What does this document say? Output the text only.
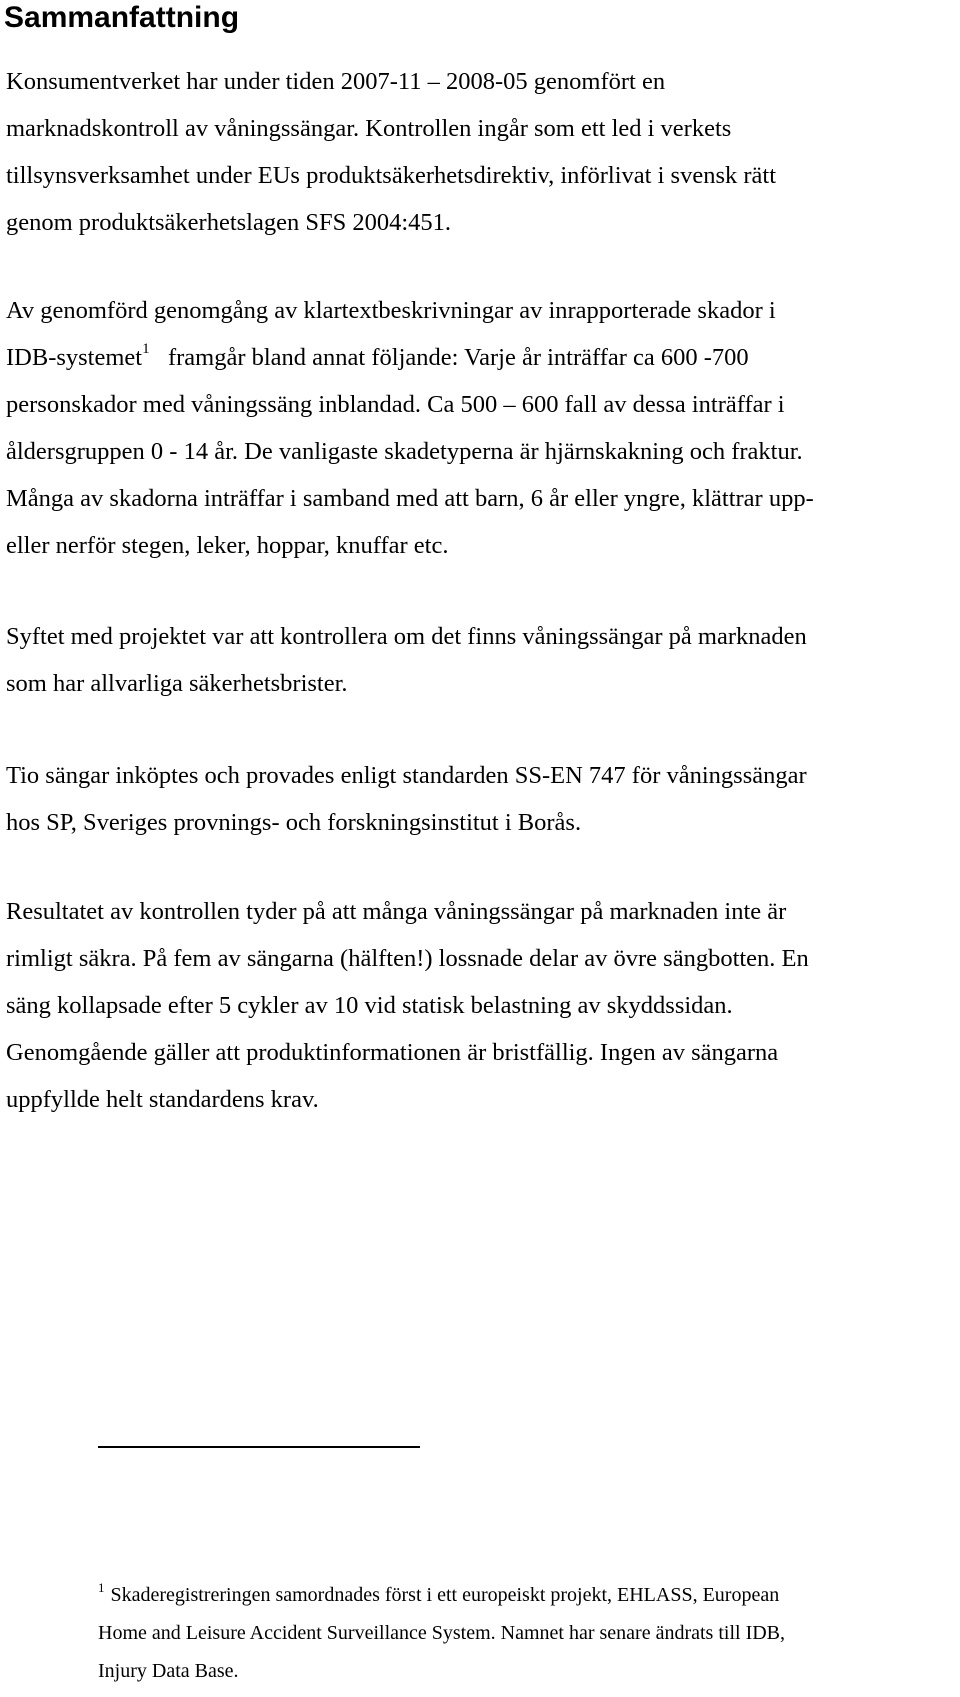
Sammanfattning

Konsumentverket har under tiden 2007-11 – 2008-05 genomfört en
marknadskontroll av våningssängar. Kontrollen ingår som ett led i verkets
tillsynsverksamhet under EUs produktsäkerhetsdirektiv, införlivat i svensk rätt
genom produktsäkerhetslagen SFS 2004:451.

Av genomförd genomgång av klartextbeskrivningar av inrapporterade skador i
IDB-systemet$^1$ framgår bland annat följande: Varje år inträffar ca 600 -700
personskador med våningssäng inblandad. Ca 500 – 600 fall av dessa inträffar i
åldersgruppen 0 - 14 år. De vanligaste skadetyperna är hjärnskakning och fraktur.
Många av skadorna inträffar i samband med att barn, 6 år eller yngre, klättrar upp-
eller nerför stegen, leker, hoppar, knuffar etc.

Syftet med projektet var att kontrollera om det finns våningssängar på marknaden
som har allvarliga säkerhetsbrister.

Tio sängar inköptes och provades enligt standarden SS-EN 747 för våningssängar
hos SP, Sveriges provnings- och forskningsinstitut i Borås.

Resultatet av kontrollen tyder på att många våningssängar på marknaden inte är
rimligt säkra. På fem av sängarna (hälften!) lossnade delar av övre sängbotten. En
säng kollapsade efter 5 cykler av 10 vid statisk belastning av skyddssidan.
Genomgående gäller att produktinformationen är bristfällig. Ingen av sängarna
uppfyllde helt standardens krav.

$^1$ Skaderegistreringen samordnades först i ett europeiskt projekt, EHLASS, European
Home and Leisure Accident Surveillance System. Namnet har senare ändrats till IDB,
Injury Data Base.
